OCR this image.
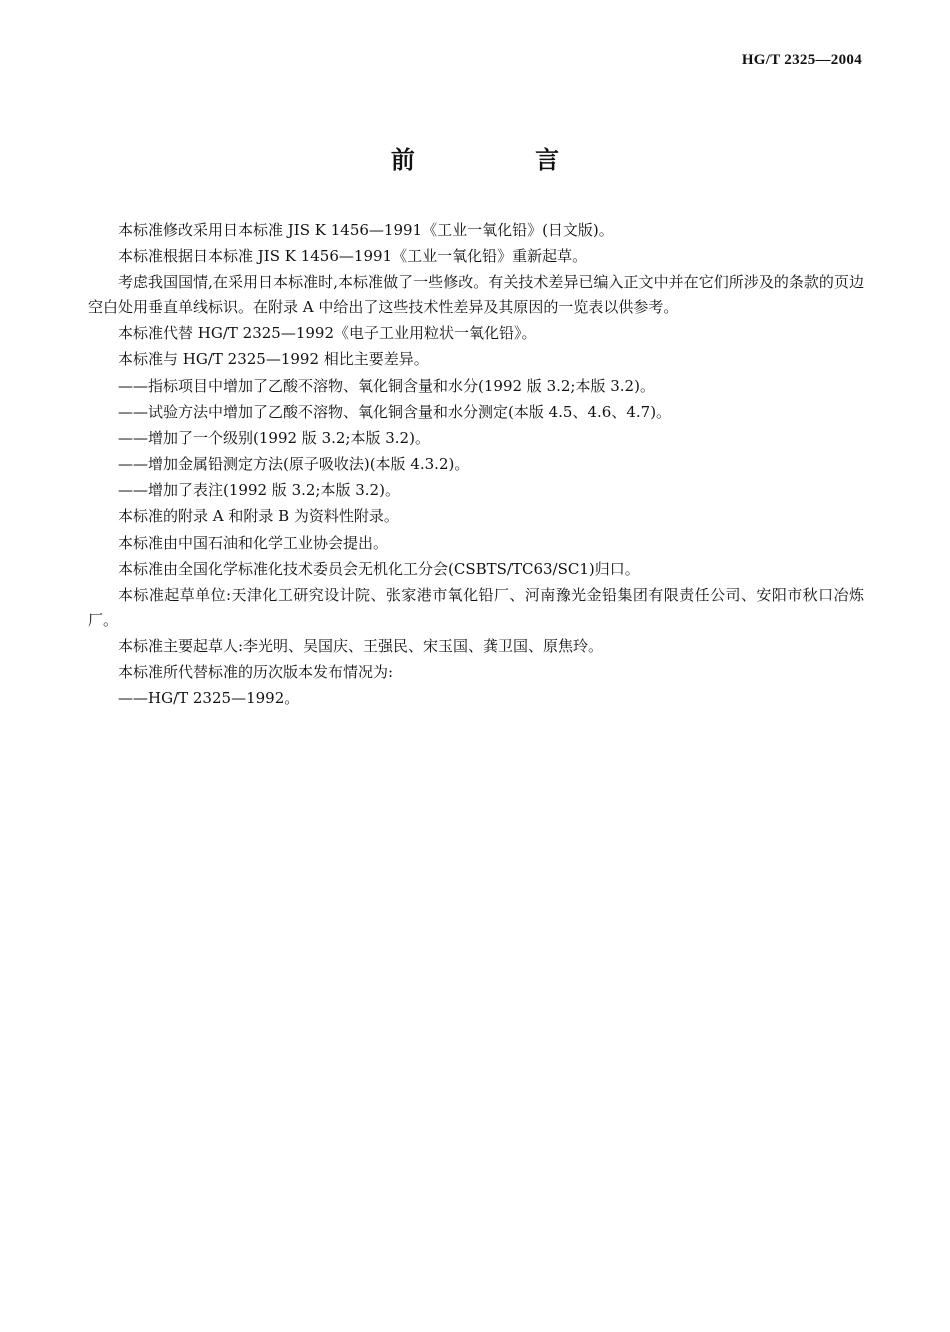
HG/T 2325—2004
前 言

本标准修改采用日本标准 JIS K 1456—1991《工业一氧化铅》(日文版)。

本标准根据日本标准 JIS K 1456—1991《工业一氧化铅》重新起草。

考虑我国国情,在采用日本标准时,本标准做了一些修改。有关技术差异已编入正文中并在它们所涉及的条款的页边空白处用垂直单线标识。在附录 A 中给出了这些技术性差异及其原因的一览表以供参考。

本标准代替 HG/T 2325—1992《电子工业用粒状一氧化铅》。

本标准与 HG/T 2325—1992 相比主要差异。

——指标项目中增加了乙酸不溶物、氧化铜含量和水分(1992 版 3.2;本版 3.2)。

——试验方法中增加了乙酸不溶物、氧化铜含量和水分测定(本版 4.5、4.6、4.7)。

——增加了一个级别(1992 版 3.2;本版 3.2)。

——增加金属铅测定方法(原子吸收法)(本版 4.3.2)。

——增加了表注(1992 版 3.2;本版 3.2)。

本标准的附录 A 和附录 B 为资料性附录。

本标准由中国石油和化学工业协会提出。

本标准由全国化学标准化技术委员会无机化工分会(CSBTS/TC63/SC1)归口。

本标准起草单位:天津化工研究设计院、张家港市氧化铅厂、河南豫光金铅集团有限责任公司、安阳市秋口冶炼厂。

本标准主要起草人:李光明、吴国庆、王强民、宋玉国、龚卫国、原焦玲。

本标准所代替标准的历次版本发布情况为:

——HG/T 2325—1992。
